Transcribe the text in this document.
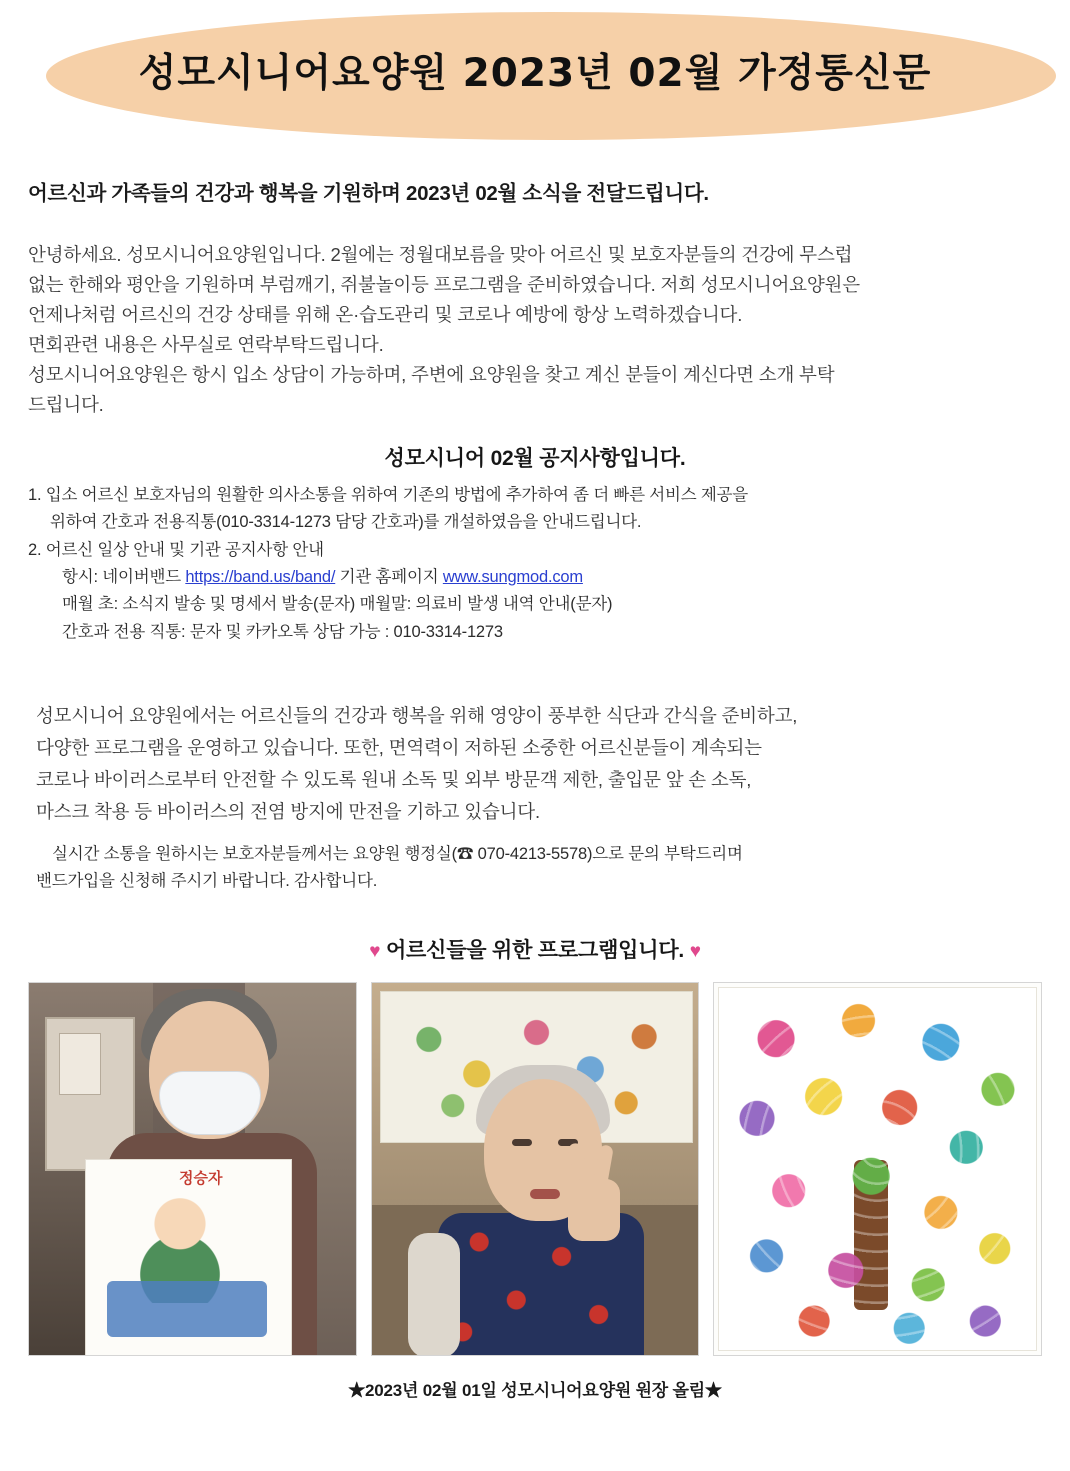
성모시니어요양원 2023년 02월 가정통신문
어르신과 가족들의 건강과 행복을 기원하며 2023년 02월 소식을 전달드립니다.

안녕하세요. 성모시니어요양원입니다. 2월에는 정월대보름을 맞아 어르신 및 보호자분들의 건강에 무스럽

없는 한해와 평안을 기원하며 부럼깨기, 쥐불놀이등 프로그램을 준비하였습니다. 저희 성모시니어요양원은

언제나처럼 어르신의 건강 상태를 위해 온·습도관리 및 코로나 예방에 항상 노력하겠습니다.

면회관련 내용은 사무실로 연락부탁드립니다.

성모시니어요양원은 항시 입소 상담이 가능하며, 주변에 요양원을 찾고 계신 분들이 계신다면 소개 부탁

드립니다.

성모시니어 02월 공지사항입니다.

1. 입소 어르신 보호자님의 원활한 의사소통을 위하여 기존의 방법에 추가하여 좀 더 빠른 서비스 제공을

위하여 간호과 전용직통(010-3314-1273 담당 간호과)를 개설하였음을 안내드립니다.

2. 어르신 일상 안내 및 기관 공지사항 안내

항시: 네이버밴드 https://band.us/band/ 기관 홈페이지 www.sungmod.com

매월 초: 소식지 발송 및 명세서 발송(문자) 매월말: 의료비 발생 내역 안내(문자)

간호과 전용 직통: 문자 및 카카오톡 상담 가능 : 010-3314-1273

성모시니어 요양원에서는 어르신들의 건강과 행복을 위해 영양이 풍부한 식단과 간식을 준비하고,

다양한 프로그램을 운영하고 있습니다. 또한, 면역력이 저하된 소중한 어르신분들이 계속되는

코로나 바이러스로부터 안전할 수 있도록 원내 소독 및 외부 방문객 제한, 출입문 앞 손 소독,

마스크 착용 등 바이러스의 전염 방지에 만전을 기하고 있습니다.

실시간 소통을 원하시는 보호자분들께서는 요양원 행정실(☎ 070-4213-5578)으로 문의 부탁드리며

밴드가입을 신청해 주시기 바랍니다. 감사합니다.

♥ 어르신들을 위한 프로그램입니다. ♥
정승자
★2023년 02월 01일 성모시니어요양원 원장 올림★
